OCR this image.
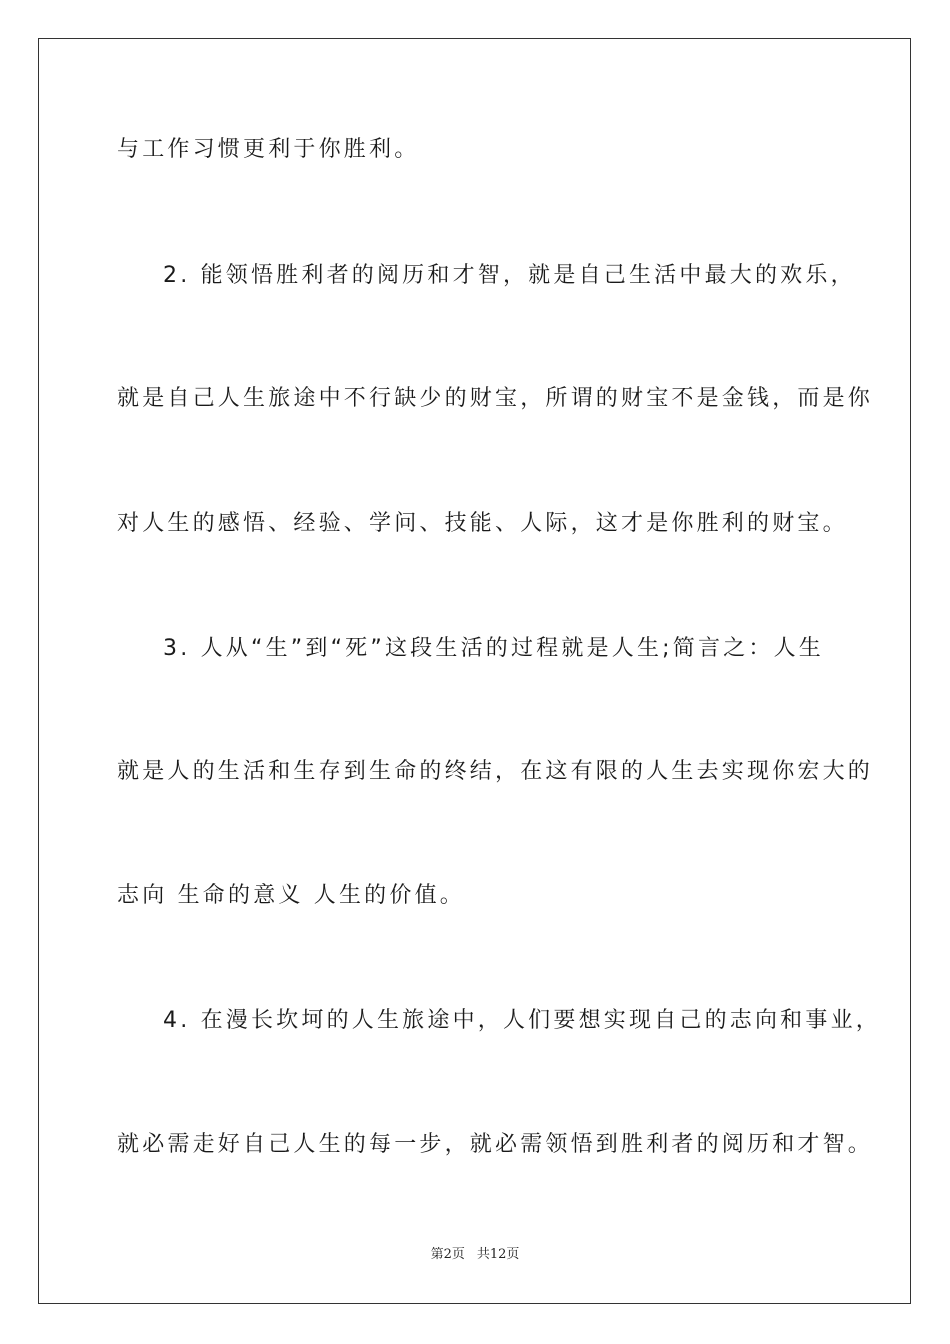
与工作习惯更利于你胜利。

2. 能领悟胜利者的阅历和才智，就是自己生活中最大的欢乐，

就是自己人生旅途中不行缺少的财宝，所谓的财宝不是金钱，而是你

对人生的感悟、经验、学问、技能、人际，这才是你胜利的财宝。

3. 人从“生”到“死”这段生活的过程就是人生;简言之：人生

就是人的生活和生存到生命的终结，在这有限的人生去实现你宏大的

志向 生命的意义 人生的价值。

4. 在漫长坎坷的人生旅途中，人们要想实现自己的志向和事业，

就必需走好自己人生的每一步，就必需领悟到胜利者的阅历和才智。

第2页 共12页
